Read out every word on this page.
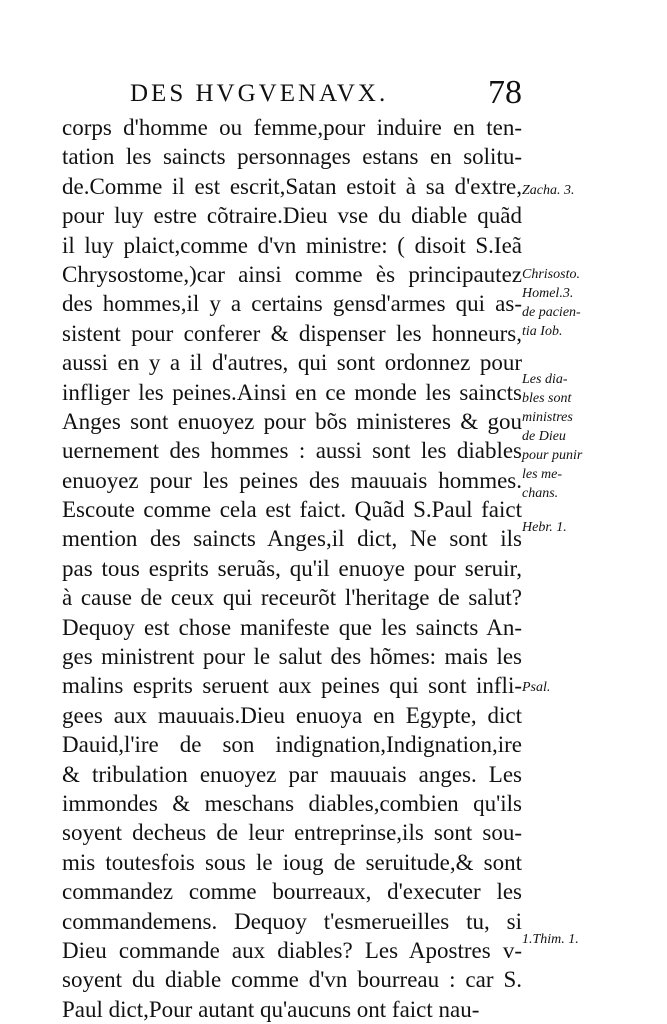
DES HVGVENAVX.	78
corps d'homme ou femme,pour induire en ten-
tation les saincts personnages estans en solitu-
de.Comme il est escrit,Satan estoit à sa d'extre,
pour luy estre cõtraire.Dieu vse du diable quãd
il luy plaict,comme d'vn ministre: ( disoit S.Ieã
Chrysostome,)car ainsi comme ès principautez
des hommes,il y a certains gensd'armes qui as-
sistent pour conferer & dispenser les honneurs,
aussi en y a il d'autres, qui sont ordonnez pour
infliger les peines.Ainsi en ce monde les saincts
Anges sont enuoyez pour bõs ministeres & gou
uernement des hommes : aussi sont les diables
enuoyez pour les peines des mauuais hommes.
Escoute comme cela est faict. Quãd S.Paul faict
mention des saincts Anges,il dict, Ne sont ils
pas tous esprits seruãs, qu'il enuoye pour seruir,
à cause de ceux qui receurõt l'heritage de salut?
Dequoy est chose manifeste que les saincts An-
ges ministrent pour le salut des hõmes: mais les
malins esprits seruent aux peines qui sont infli-
gees aux mauuais.Dieu enuoya en Egypte, dict
Dauid,l'ire de son indignation,Indignation,ire
& tribulation enuoyez par mauuais anges. Les
immondes & meschans diables,combien qu'ils
soyent decheus de leur entreprinse,ils sont sou-
mis toutesfois sous le ioug de seruitude,& sont
commandez comme bourreaux, d'executer les
commandemens. Dequoy t'esmerueilles tu, si
Dieu commande aux diables? Les Apostres v-
soyent du diable comme d'vn bourreau : car S.
Paul dict,Pour autant qu'aucuns ont faict nau-
Zacha. 3.
Chrisosto.
Homel.3.
de pacien-
tia Iob.
Les dia-
bles sont
ministres
de Dieu
pour punir
les me-
chans.
Hebr. 1.
Psal.
1.Thim. 1.
